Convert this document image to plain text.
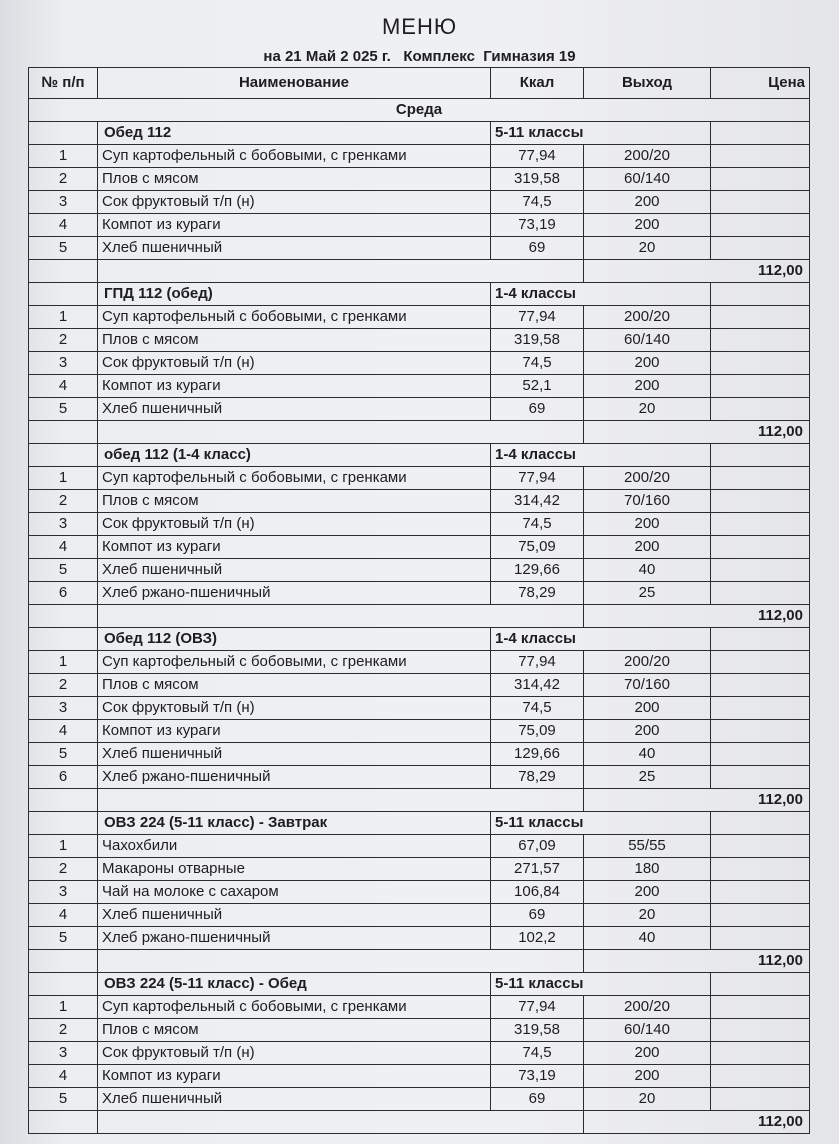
МЕНЮ
на 21 Май 2 025 г.   Комплекс  Гимназия 19
№ п/п	Наименование	Ккал	Выход	Цена
Среда				
	Обед 112	5-11 классы		
1	Суп картофельный с бобовыми, с гренками	77,94	200/20	
2	Плов с мясом	319,58	60/140	
3	Сок фруктовый т/п (н)	74,5	200	
4	Компот из кураги	73,19	200	
5	Хлеб пшеничный	69	20	
			112,00	
	ГПД 112 (обед)	1-4 классы		
1	Суп картофельный с бобовыми, с гренками	77,94	200/20	
2	Плов с мясом	319,58	60/140	
3	Сок фруктовый т/п (н)	74,5	200	
4	Компот из кураги	52,1	200	
5	Хлеб пшеничный	69	20	
			112,00	
	обед 112 (1-4 класс)	1-4 классы		
1	Суп картофельный с бобовыми, с гренками	77,94	200/20	
2	Плов с мясом	314,42	70/160	
3	Сок фруктовый т/п (н)	74,5	200	
4	Компот из кураги	75,09	200	
5	Хлеб пшеничный	129,66	40	
6	Хлеб ржано-пшеничный	78,29	25	
			112,00	
	Обед 112 (ОВЗ)	1-4 классы		
1	Суп картофельный с бобовыми, с гренками	77,94	200/20	
2	Плов с мясом	314,42	70/160	
3	Сок фруктовый т/п (н)	74,5	200	
4	Компот из кураги	75,09	200	
5	Хлеб пшеничный	129,66	40	
6	Хлеб ржано-пшеничный	78,29	25	
			112,00	
	ОВЗ 224 (5-11 класс) - Завтрак	5-11 классы		
1	Чахохбили	67,09	55/55	
2	Макароны отварные	271,57	180	
3	Чай на молоке с сахаром	106,84	200	
4	Хлеб пшеничный	69	20	
5	Хлеб ржано-пшеничный	102,2	40	
			112,00	
	ОВЗ 224 (5-11 класс) - Обед	5-11 классы		
1	Суп картофельный с бобовыми, с гренками	77,94	200/20	
2	Плов с мясом	319,58	60/140	
3	Сок фруктовый т/п (н)	74,5	200	
4	Компот из кураги	73,19	200	
5	Хлеб пшеничный	69	20	
			112,00	
